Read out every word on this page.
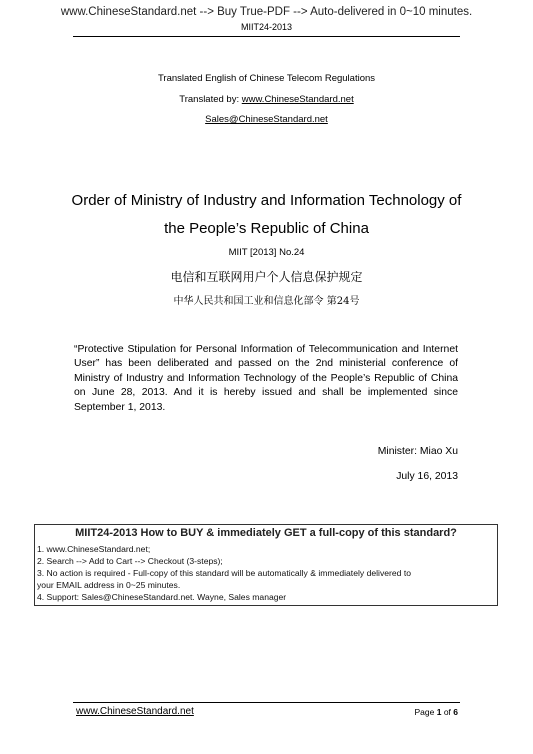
www.ChineseStandard.net --> Buy True-PDF --> Auto-delivered in 0~10 minutes.
MIIT24-2013
Translated English of Chinese Telecom Regulations
Translated by: www.ChineseStandard.net
Sales@ChineseStandard.net
Order of Ministry of Industry and Information Technology of
the People’s Republic of China
MIIT [2013] No.24
电信和互联网用户个人信息保护规定
中华人民共和国工业和信息化部令 第24号
“Protective Stipulation for Personal Information of Telecommunication and Internet User” has been deliberated and passed on the 2nd ministerial conference of Ministry of Industry and Information Technology of the People’s Republic of China on June 28, 2013. And it is hereby issued and shall be implemented since September 1, 2013.
Minister: Miao Xu
July 16, 2013
MIIT24-2013 How to BUY & immediately GET a full-copy of this standard?
1. www.ChineseStandard.net;
2. Search --> Add to Cart --> Checkout (3-steps);
3. No action is required - Full-copy of this standard will be automatically & immediately delivered to
your EMAIL address in 0~25 minutes.
4. Support: Sales@ChineseStandard.net. Wayne, Sales manager
www.ChineseStandard.net	Page 1 of 6
